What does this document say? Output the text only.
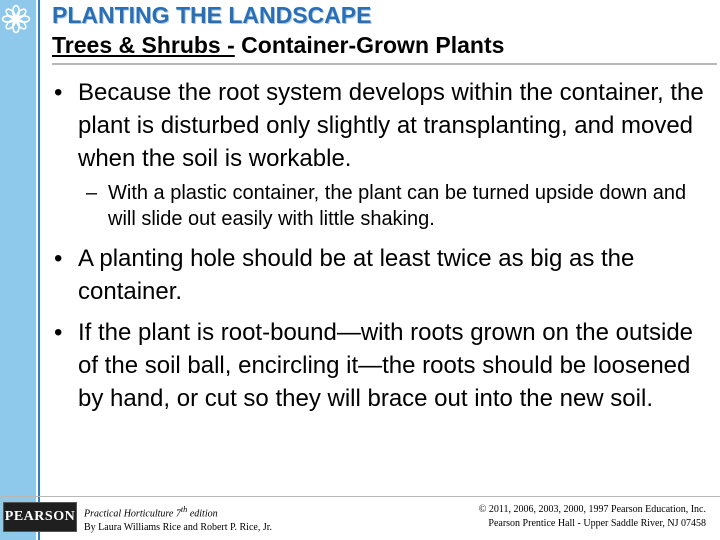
PLANTING THE LANDSCAPE
Trees & Shrubs - Container-Grown Plants
• Because the root system develops within the container, the plant is disturbed only slightly at transplanting, and moved when the soil is workable.
– With a plastic container, the plant can be turned upside down and will slide out easily with little shaking.
• A planting hole should be at least twice as big as the container.
• If the plant is root-bound—with roots grown on the outside of the soil ball, encircling it—the roots should be loosened by hand, or cut so they will brace out into the new soil.
PEARSON Practical Horticulture 7th edition
By Laura Williams Rice and Robert P. Rice, Jr.
© 2011, 2006, 2003, 2000, 1997 Pearson Education, Inc.
Pearson Prentice Hall - Upper Saddle River, NJ 07458
